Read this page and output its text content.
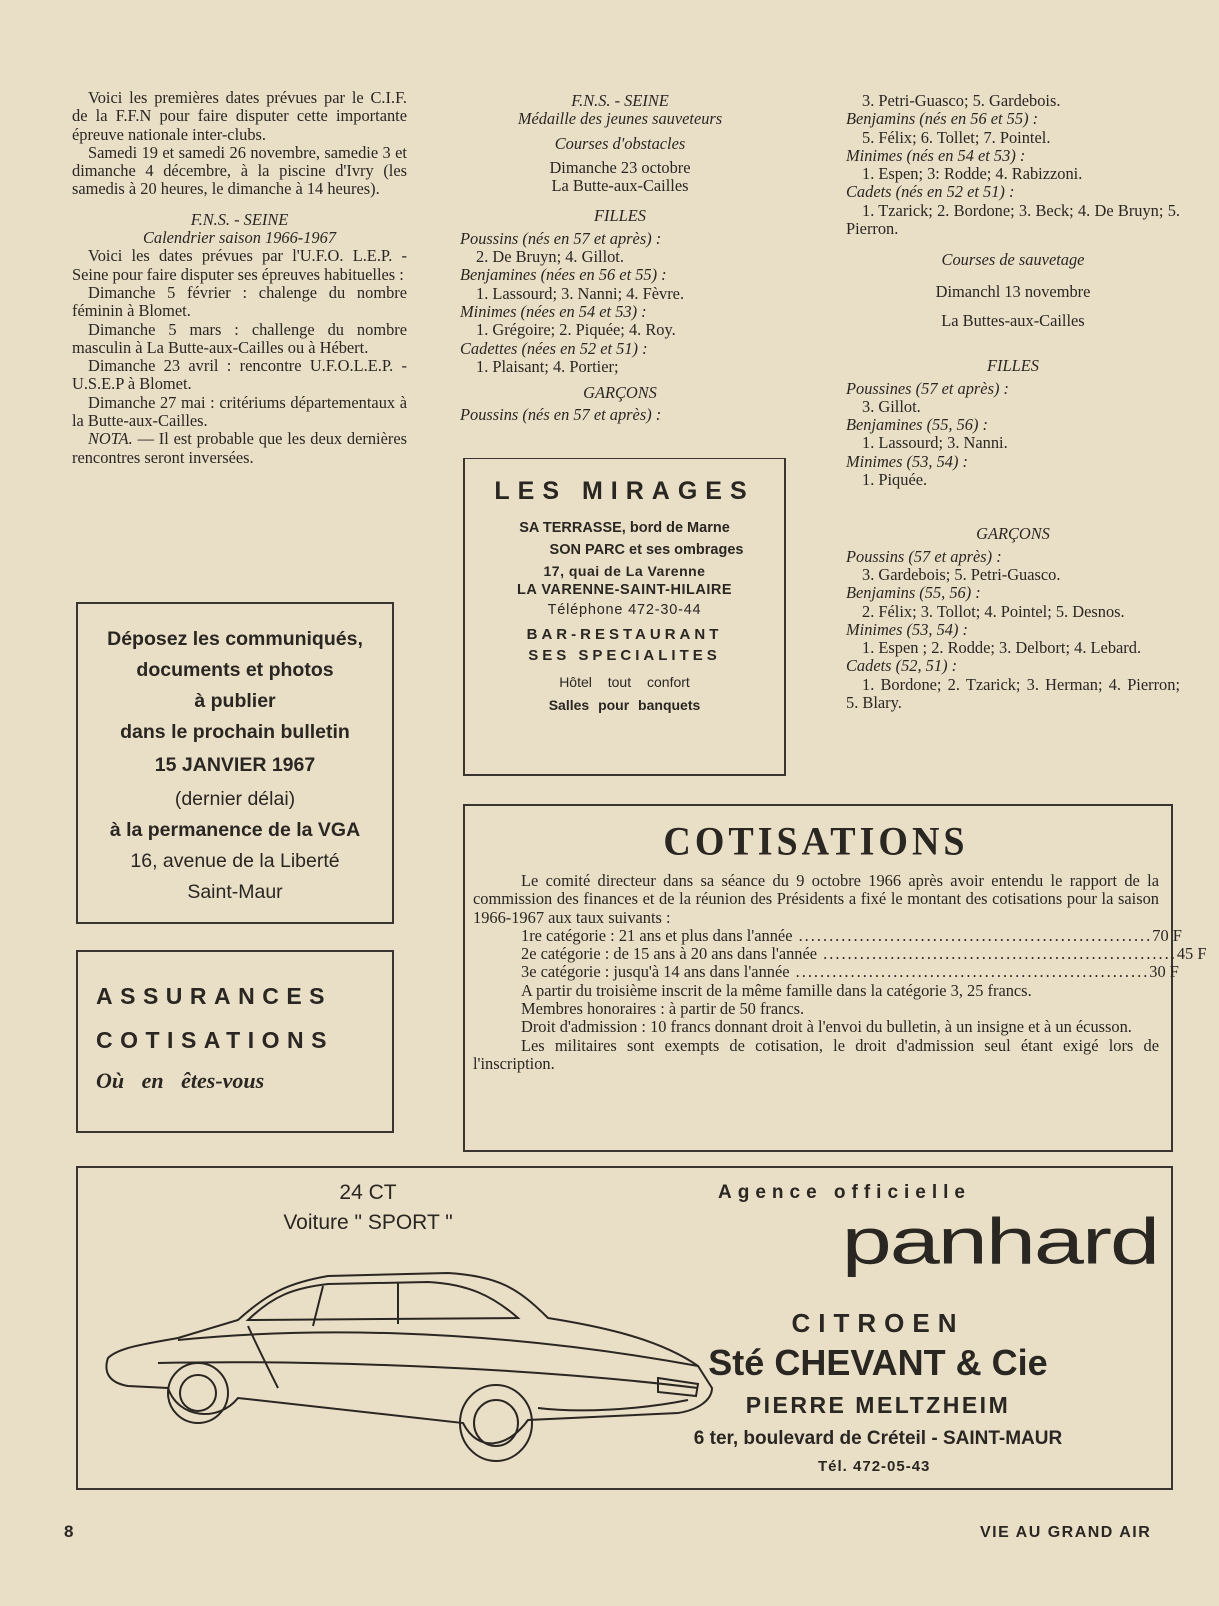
Voici les premières dates prévues par le C.I.F. de la F.F.N pour faire disputer cette importante épreuve nationale inter-clubs.

Samedi 19 et samedi 26 novembre, samedie 3 et dimanche 4 décembre, à la piscine d'Ivry (les samedis à 20 heures, le dimanche à 14 heures).

F.N.S. - SEINE

Calendrier saison 1966-1967

Voici les dates prévues par l'U.F.O. L.E.P. - Seine pour faire disputer ses épreuves habituelles :

Dimanche 5 février : chalenge du nombre féminin à Blomet.

Dimanche 5 mars : challenge du nombre masculin à La Butte-aux-Cailles ou à Hébert.

Dimanche 23 avril : rencontre U.F.O.L.E.P. - U.S.E.P à Blomet.

Dimanche 27 mai : critériums départementaux à la Butte-aux-Cailles.

NOTA. — Il est probable que les deux dernières rencontres seront inversées.

Déposez les communiqués,
documents et photos
à publier
dans le prochain bulletin
15 JANVIER 1967
(dernier délai)
à la permanence de la VGA
16, avenue de la Liberté
Saint-Maur
ASSURANCES
COTISATIONS
Où en êtes-vous

F.N.S. - SEINE

Médaille des jeunes sauveteurs

Courses d'obstacles

Dimanche 23 octobre

La Butte-aux-Cailles

FILLES

Poussins (nés en 57 et après) :

2. De Bruyn; 4. Gillot.

Benjamines (nées en 56 et 55) :

1. Lassourd; 3. Nanni; 4. Fèvre.

Minimes (nées en 54 et 53) :

1. Grégoire; 2. Piquée; 4. Roy.

Cadettes (nées en 52 et 51) :

1. Plaisant; 4. Portier;

GARÇONS

Poussins (nés en 57 et après) :

LES MIRAGES
SA TERRASSE, bord de Marne
SON PARC et ses ombrages
17, quai de La Varenne
LA VARENNE-SAINT-HILAIRE
Téléphone 472-30-44
BAR-RESTAURANT
SES SPECIALITES
Hôtel tout confort
Salles pour banquets

3. Petri-Guasco; 5. Gardebois.

Benjamins (nés en 56 et 55) :

5. Félix; 6. Tollet; 7. Pointel.

Minimes (nés en 54 et 53) :

1. Espen; 3: Rodde; 4. Rabizzoni.

Cadets (nés en 52 et 51) :

1. Tzarick; 2. Bordone; 3. Beck; 4. De Bruyn; 5. Pierron.

Courses de sauvetage

Dimanchl 13 novembre

La Buttes-aux-Cailles

FILLES

Poussines (57 et après) :

3. Gillot.

Benjamines (55, 56) :

1. Lassourd; 3. Nanni.

Minimes (53, 54) :

1. Piquée.

GARÇONS

Poussins (57 et après) :

3. Gardebois; 5. Petri-Guasco.

Benjamins (55, 56) :

2. Félix; 3. Tollot; 4. Pointel; 5. Desnos.

Minimes (53, 54) :

1. Espen ; 2. Rodde; 3. Delbort; 4. Lebard.

Cadets (52, 51) :

1. Bordone; 2. Tzarick; 3. Herman; 4. Pierron; 5. Blary.

COTISATIONS

Le comité directeur dans sa séance du 9 octobre 1966 après avoir entendu le rapport de la commission des finances et de la réunion des Présidents a fixé le montant des cotisations pour la saison 1966-1967 aux taux suivants :

1re catégorie : 21 ans et plus dans l'année .......................................................... 70 F
2e catégorie : de 15 ans à 20 ans dans l'année .......................................................... 45 F
3e catégorie : jusqu'à 14 ans dans l'année .......................................................... 30 F

A partir du troisième inscrit de la même famille dans la catégorie 3, 25 francs.

Membres honoraires : à partir de 50 francs.

Droit d'admission : 10 francs donnant droit à l'envoi du bulletin, à un insigne et à un écusson.

Les militaires sont exempts de cotisation, le droit d'admission seul étant exigé lors de l'inscription.

24 CT
Voiture " SPORT "
Agence officielle
panhard
CITROEN
Sté CHEVANT & Cie
PIERRE MELTZHEIM
6 ter, boulevard de Créteil - SAINT-MAUR
Tél. 472-05-43
8	VIE AU GRAND AIR
